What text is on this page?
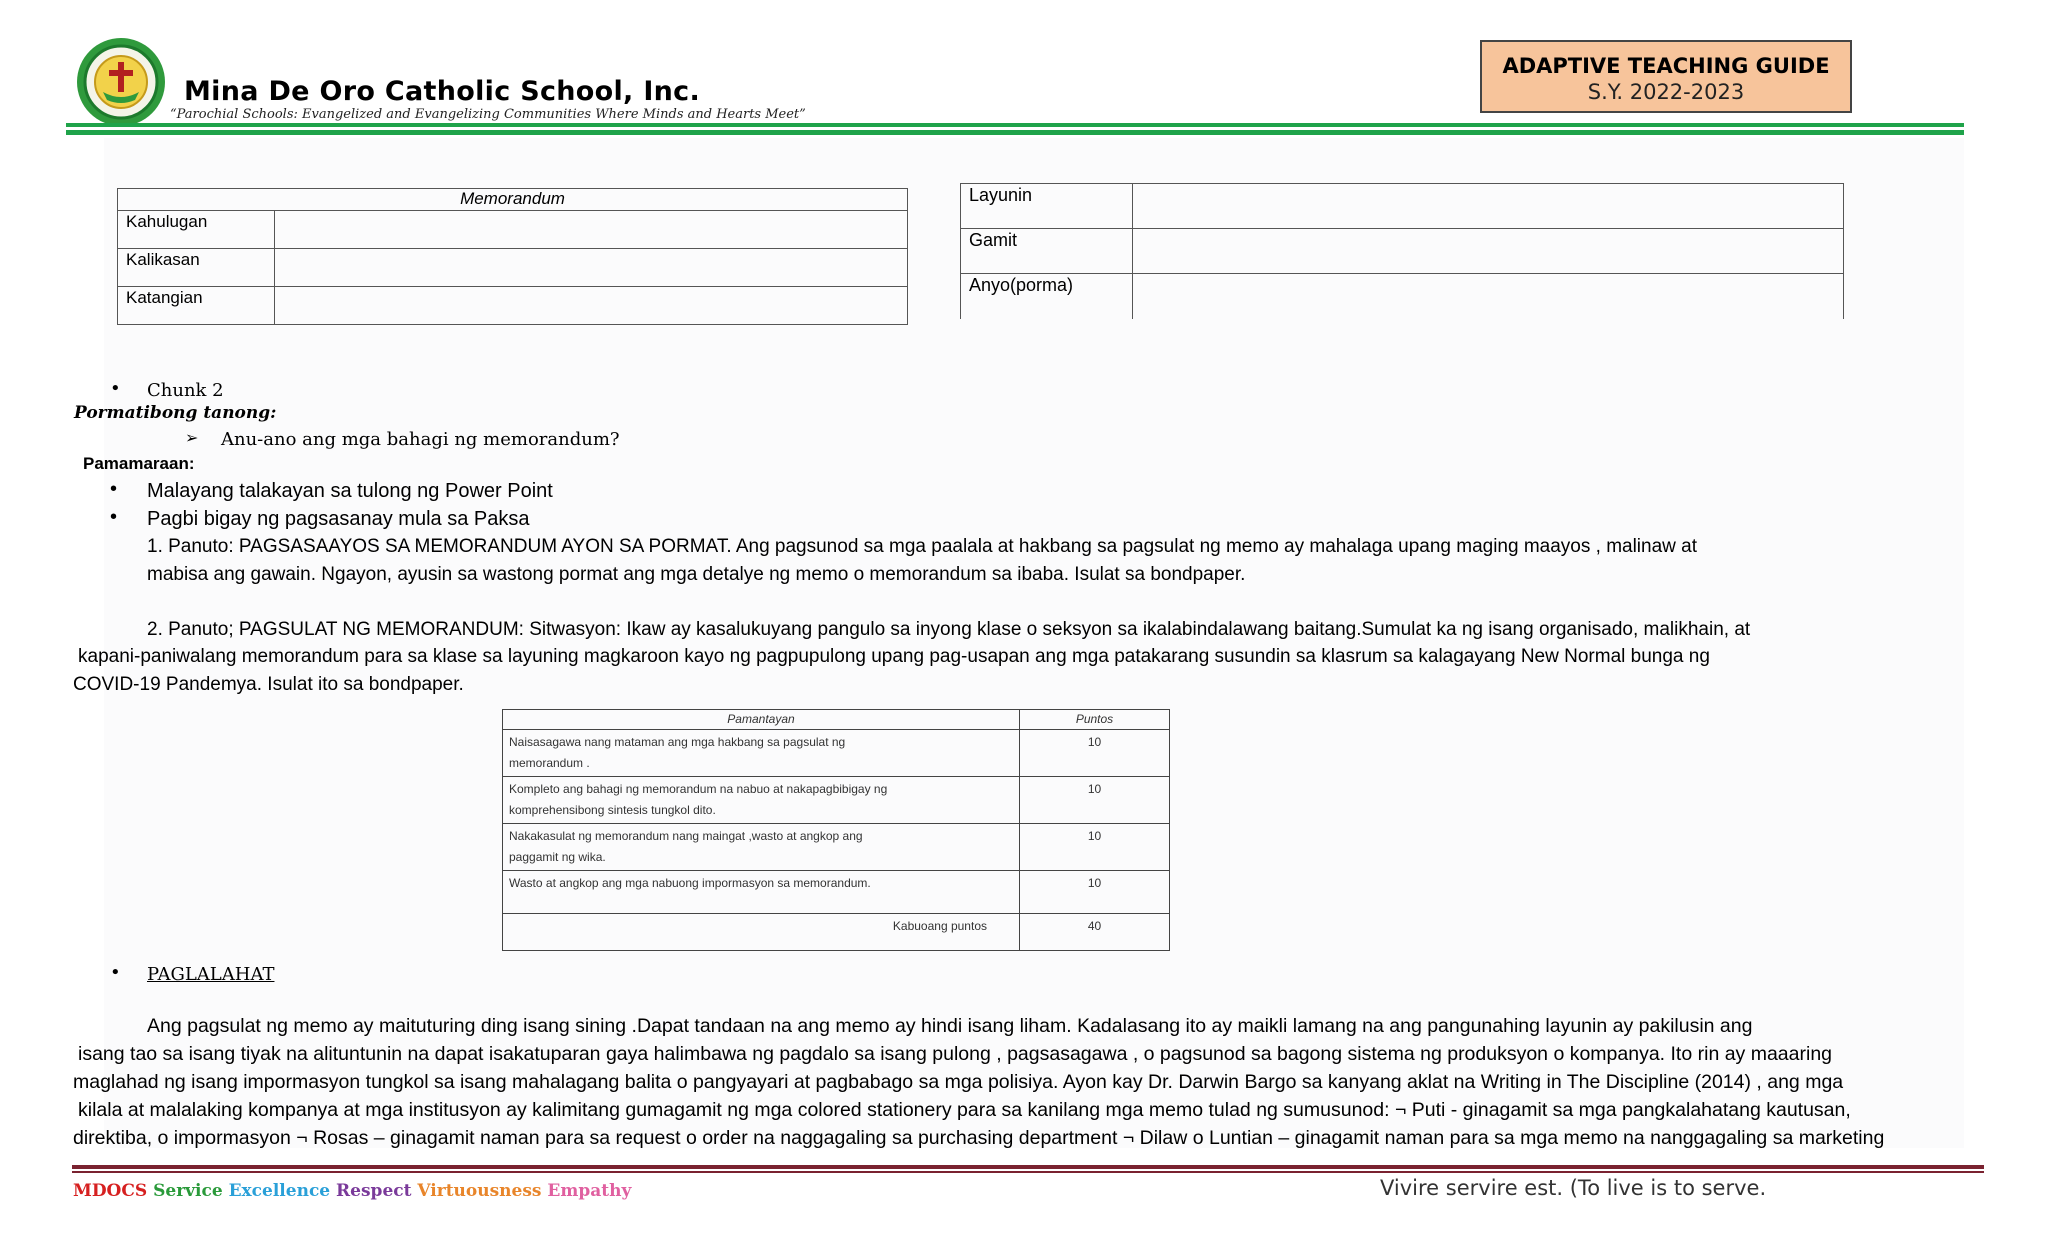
Mina De Oro Catholic School, Inc.
“Parochial Schools: Evangelized and Evangelizing Communities Where Minds and Hearts Meet”
ADAPTIVE TEACHING GUIDE
S.Y. 2022-2023
Memorandum	
Kahulugan	
Kalikasan	
Katangian	
Layunin	
Gamit	
Anyo(porma)	
• Chunk 2
Pormatibong tanong:
➢ Anu-ano ang mga bahagi ng memorandum?
Pamamaraan:
• Malayang talakayan sa tulong ng Power Point
• Pagbi bigay ng pagsasanay mula sa Paksa
1. Panuto: PAGSASAAYOS SA MEMORANDUM AYON SA PORMAT. Ang pagsunod sa mga paalala at hakbang sa pagsulat ng memo ay mahalaga upang maging maayos , malinaw at
mabisa ang gawain. Ngayon, ayusin sa wastong pormat ang mga detalye ng memo o memorandum sa ibaba. Isulat sa bondpaper.
2. Panuto; PAGSULAT NG MEMORANDUM: Sitwasyon: Ikaw ay kasalukuyang pangulo sa inyong klase o seksyon sa ikalabindalawang baitang.Sumulat ka ng isang organisado, malikhain, at
kapani-paniwalang memorandum para sa klase sa layuning magkaroon kayo ng pagpupulong upang pag-usapan ang mga patakarang susundin sa klasrum sa kalagayang New Normal bunga ng
COVID-19 Pandemya. Isulat ito sa bondpaper.
Pamantayan	Puntos

Naisasagawa nang mataman ang mga hakbang sa pagsulat ng
memorandum .	10

Kompleto ang bahagi ng memorandum na nabuo at nakapagbibigay ng
komprehensibong sintesis tungkol dito.	10

Nakakasulat ng memorandum nang maingat ,wasto at angkop ang
paggamit ng wika.	10

Wasto at angkop ang mga nabuong impormasyon sa memorandum.	10
Kabuoang puntos	40
• PAGLALAHAT
Ang pagsulat ng memo ay maituturing ding isang sining .Dapat tandaan na ang memo ay hindi isang liham. Kadalasang ito ay maikli lamang na ang pangunahing layunin ay pakilusin ang
isang tao sa isang tiyak na alituntunin na dapat isakatuparan gaya halimbawa ng pagdalo sa isang pulong , pagsasagawa , o pagsunod sa bagong sistema ng produksyon o kompanya. Ito rin ay maaaring
maglahad ng isang impormasyon tungkol sa isang mahalagang balita o pangyayari at pagbabago sa mga polisiya. Ayon kay Dr. Darwin Bargo sa kanyang aklat na Writing in The Discipline (2014) , ang mga
kilala at malalaking kompanya at mga institusyon ay kalimitang gumagamit ng mga colored stationery para sa kanilang mga memo tulad ng sumusunod: ¬ Puti - ginagamit sa mga pangkalahatang kautusan,
direktiba, o impormasyon ¬ Rosas – ginagamit naman para sa request o order na naggagaling sa purchasing department ¬ Dilaw o Luntian – ginagamit naman para sa mga memo na nanggagaling sa marketing
MDOCS Service Excellence Respect Virtuousness Empathy	Vivire servire est. (To live is to serve.
